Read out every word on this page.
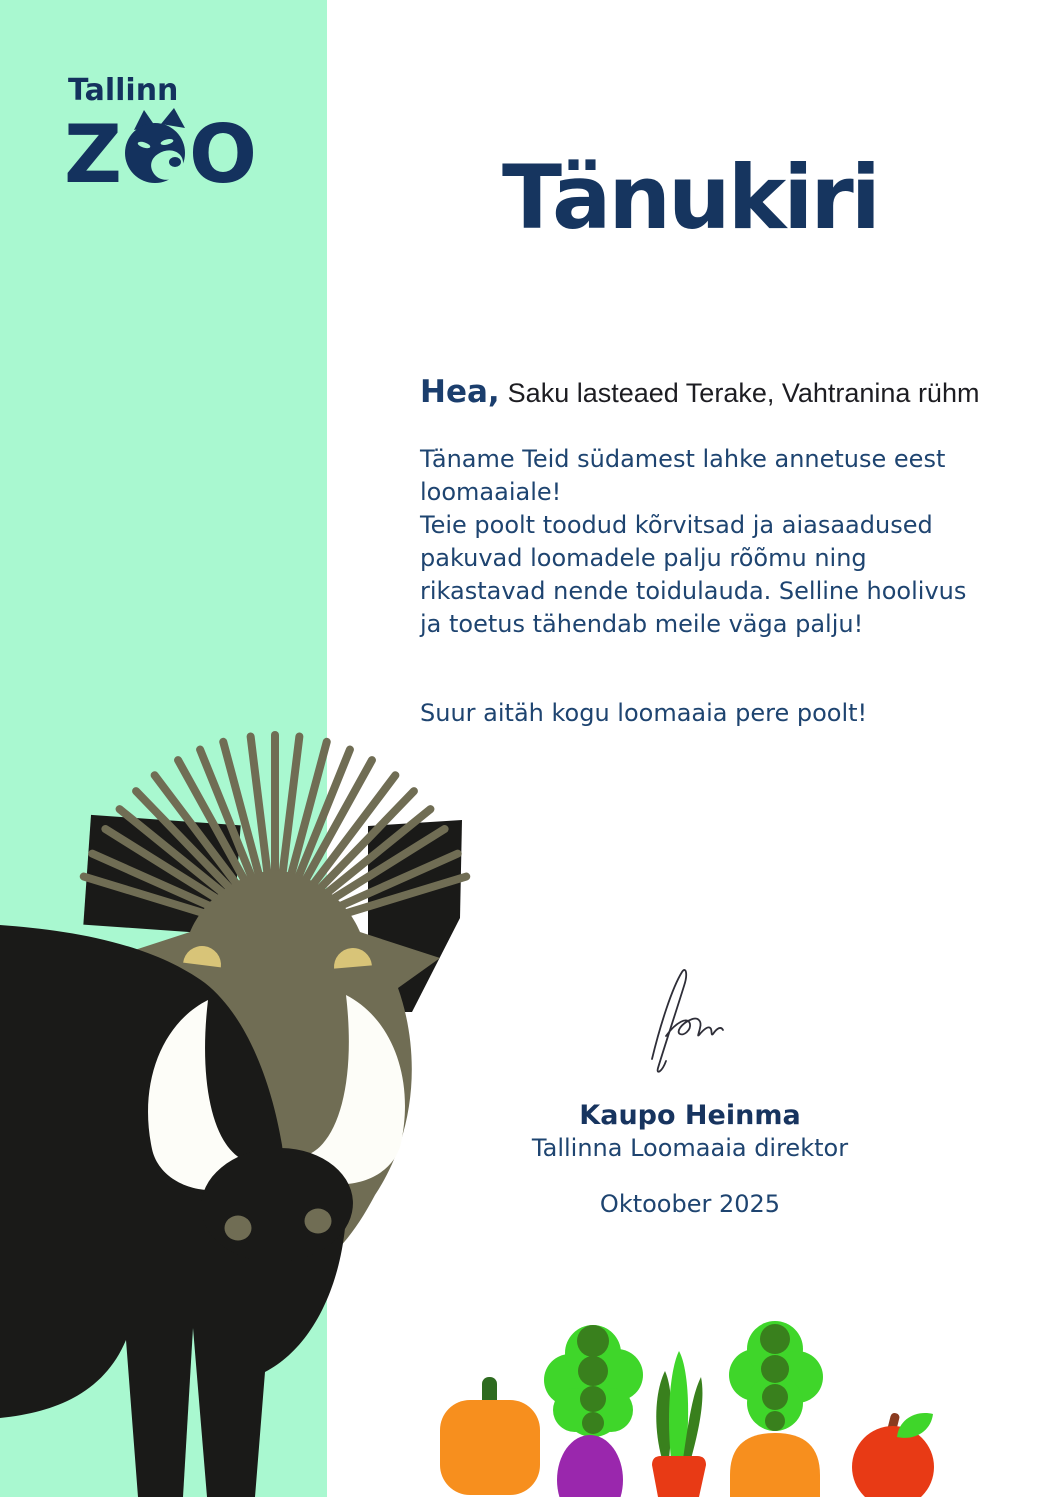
Tallinn
Z O	Tänukiri
Hea, Saku lasteaed Terake, Vahtranina rühm
Täname Teid südamest lahke annetuse eest
loomaaiale!
Teie poolt toodud kõrvitsad ja aiasaadused
pakuvad loomadele palju rõõmu ning
rikastavad nende toidulauda. Selline hoolivus
ja toetus tähendab meile väga palju!
Suur aitäh kogu loomaaia pere poolt!
Kaupo Heinma
Tallinna Loomaaia direktor
Oktoober 2025
